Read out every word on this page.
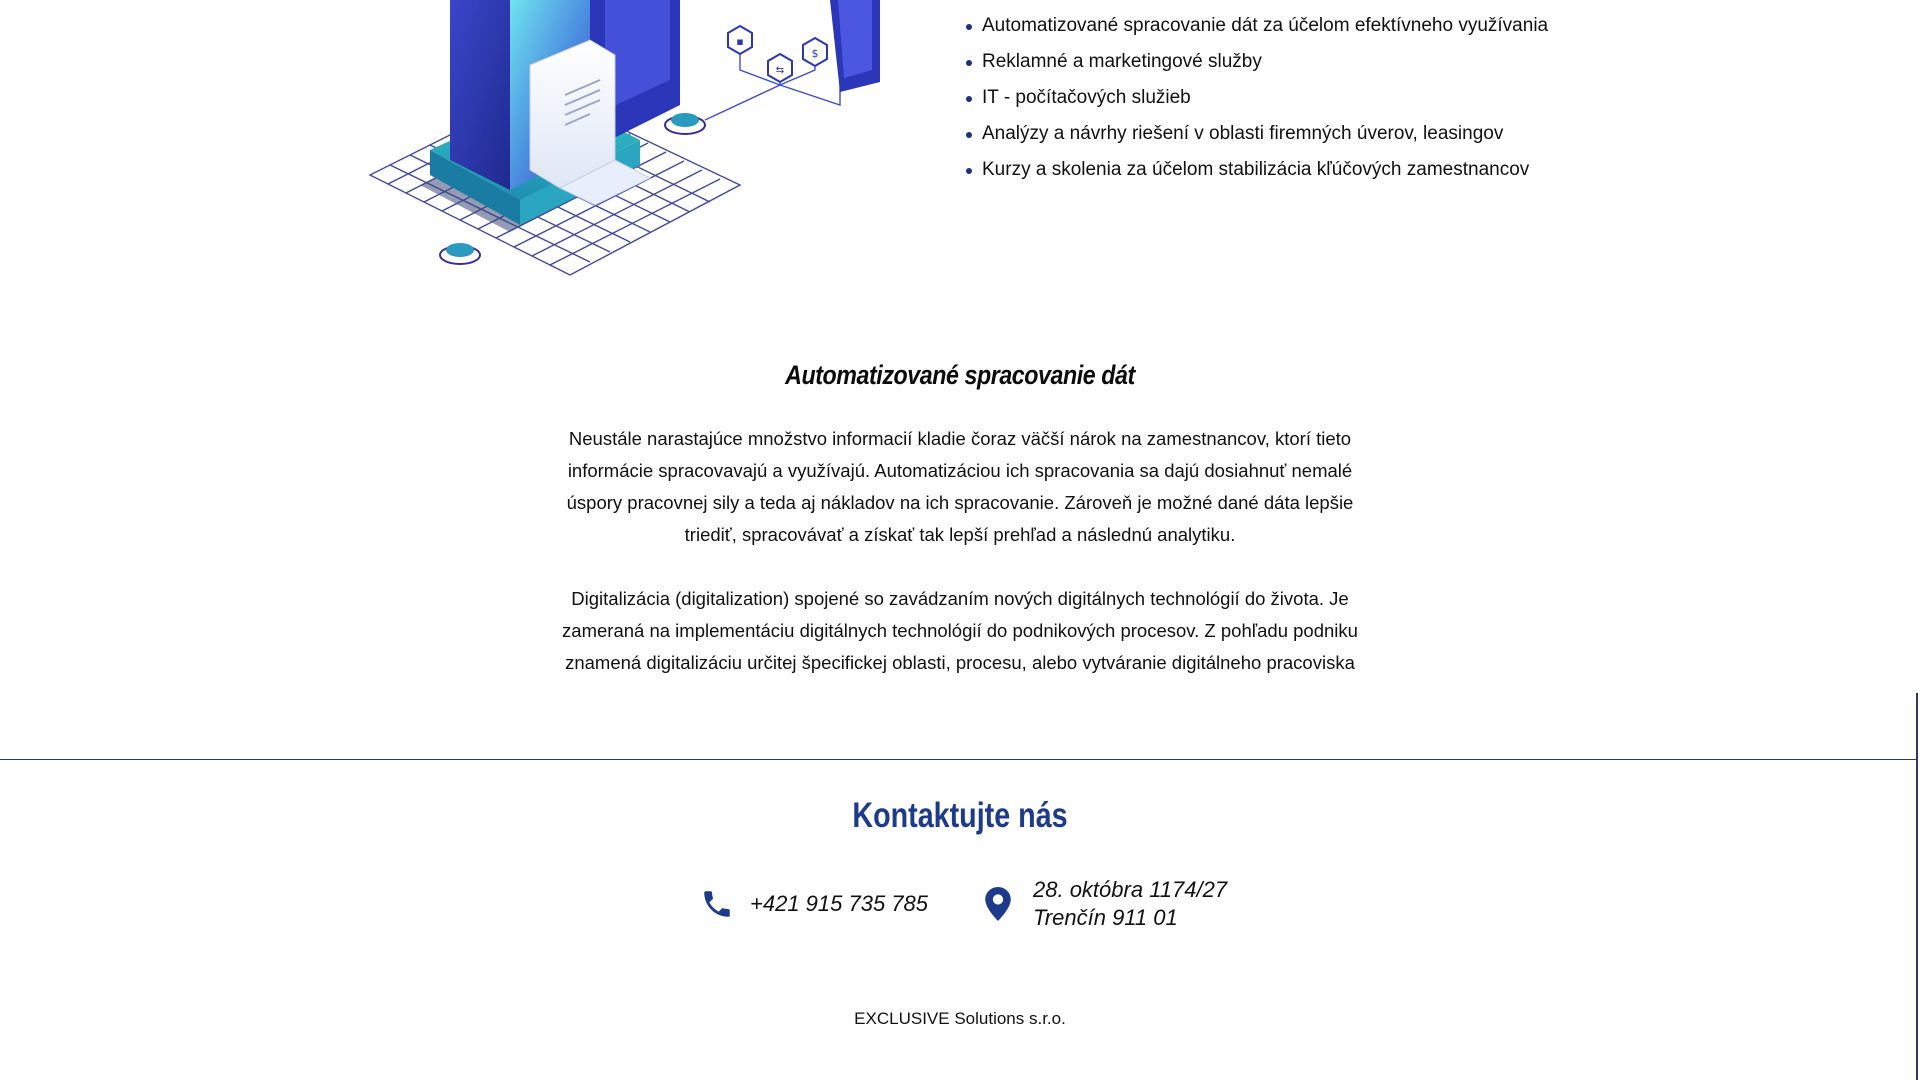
▪
⇆
$
Automatizované spracovanie dát za účelom efektívneho využívania
Reklamné a marketingové služby
IT - počítačových služieb
Analýzy a návrhy riešení v oblasti firemných úverov, leasingov
Kurzy a skolenia za účelom stabilizácia kľúčových zamestnancov
Automatizované spracovanie dát

Neustále narastajúce množstvo informacií kladie čoraz väčší nárok na zamestnancov, ktorí tieto informácie spracovavajú a využívajú. Automatizáciou ich spracovania sa dajú dosiahnuť nemalé úspory pracovnej sily a teda aj nákladov na ich spracovanie. Zároveň je možné dané dáta lepšie triediť, spracovávať a získať tak lepší prehľad a následnú analytiku.

Digitalizácia (digitalization) spojené so zavádzaním nových digitálnych technológií do života. Je zameraná na implementáciu digitálnych technológií do podnikových procesov. Z pohľadu podniku znamená digitalizáciu určitej špecifickej oblasti, procesu, alebo vytváranie digitálneho pracoviska

Kontaktujte nás
+421 915 735 785
28. októbra 1174/27
Trenčín 911 01
EXCLUSIVE Solutions s.r.o.
